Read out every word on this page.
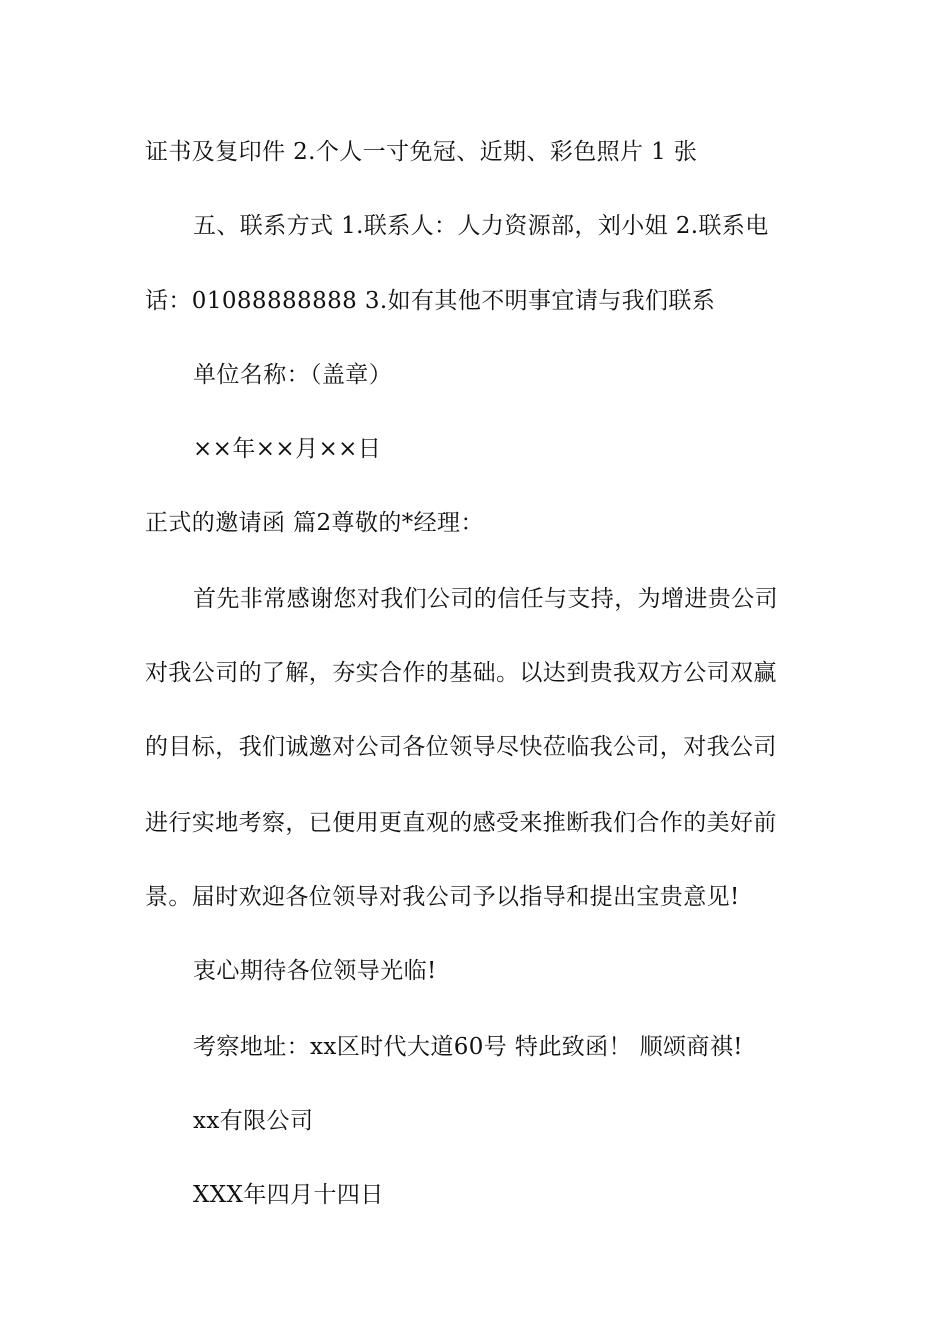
证书及复印件 2.个人一寸免冠、近期、彩色照片 1 张
五、联系方式 1.联系人：人力资源部，刘小姐 2.联系电
话：01088888888 3.如有其他不明事宜请与我们联系
单位名称：（盖章）
××年××月××日
正式的邀请函 篇2尊敬的*经理：
首先非常感谢您对我们公司的信任与支持，为增进贵公司
对我公司的了解，夯实合作的基础。以达到贵我双方公司双赢
的目标，我们诚邀对公司各位领导尽快莅临我公司，对我公司
进行实地考察，已便用更直观的感受来推断我们合作的美好前
景。届时欢迎各位领导对我公司予以指导和提出宝贵意见!
衷心期待各位领导光临!
考察地址：xx区时代大道60号 特此致函！ 顺颂商祺!
xx有限公司
XXX年四月十四日
